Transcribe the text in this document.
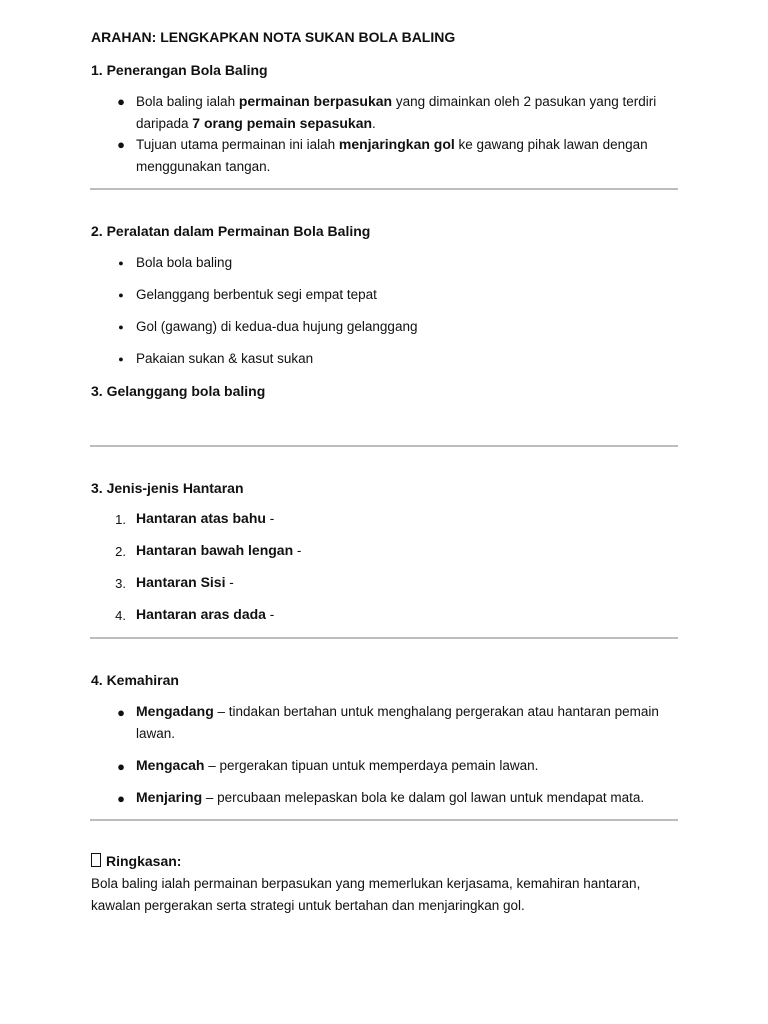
ARAHAN: LENGKAPKAN NOTA SUKAN BOLA BALING
1. Penerangan Bola Baling
● Bola baling ialah permainan berpasukan yang dimainkan oleh 2 pasukan yang terdiri
daripada 7 orang pemain sepasukan.
● Tujuan utama permainan ini ialah menjaringkan gol ke gawang pihak lawan dengan
menggunakan tangan.
2. Peralatan dalam Permainan Bola Baling
● Bola bola baling
● Gelanggang berbentuk segi empat tepat
● Gol (gawang) di kedua-dua hujung gelanggang
● Pakaian sukan & kasut sukan
3. Gelanggang bola baling
3. Jenis-jenis Hantaran
1. Hantaran atas bahu -
2. Hantaran bawah lengan -
3. Hantaran Sisi -
4. Hantaran aras dada -
4. Kemahiran
● Mengadang – tindakan bertahan untuk menghalang pergerakan atau hantaran pemain
lawan.
● Mengacah – pergerakan tipuan untuk memperdaya pemain lawan.
● Menjaring – percubaan melepaskan bola ke dalam gol lawan untuk mendapat mata.
Ringkasan:
Bola baling ialah permainan berpasukan yang memerlukan kerjasama, kemahiran hantaran,
kawalan pergerakan serta strategi untuk bertahan dan menjaringkan gol.
